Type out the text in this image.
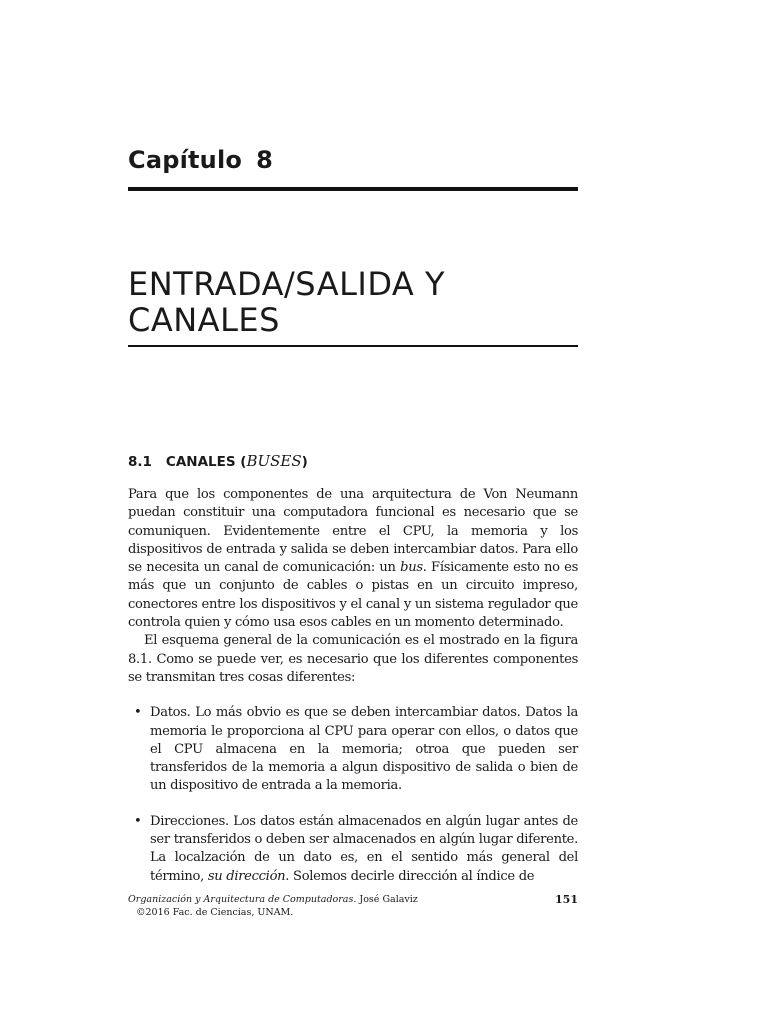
Capítulo 8
ENTRADA/SALIDA Y CANALES
8.1 CANALES (BUSES)

Para que los componentes de una arquitectura de Von Neumann puedan constituir una computadora funcional es necesario que se comuniquen. Evidentemente entre el CPU, la memoria y los dispositivos de entrada y salida se deben intercambiar datos. Para ello se necesita un canal de comunicación: un bus. Físicamente esto no es más que un conjunto de cables o pistas en un circuito impreso, conectores entre los dispositivos y el canal y un sistema regulador que controla quien y cómo usa esos cables en un momento determinado.

El esquema general de la comunicación es el mostrado en la figura 8.1. Como se puede ver, es necesario que los diferentes componentes se transmitan tres cosas diferentes:

• Datos. Lo más obvio es que se deben intercambiar datos. Datos la memoria le proporciona al CPU para operar con ellos, o datos que el CPU almacena en la memoria; otroa que pueden ser transferidos de la memoria a algun dispositivo de salida o bien de un dispositivo de entrada a la memoria.
• Direcciones. Los datos están almacenados en algún lugar antes de ser transferidos o deben ser almacenados en algún lugar diferente. La localzación de un dato es, en el sentido más general del término, su dirección. Solemos decirle dirección al índice de
Organización y Arquitectura de Computadoras. José Galaviz
©2016 Fac. de Ciencias, UNAM.
151
